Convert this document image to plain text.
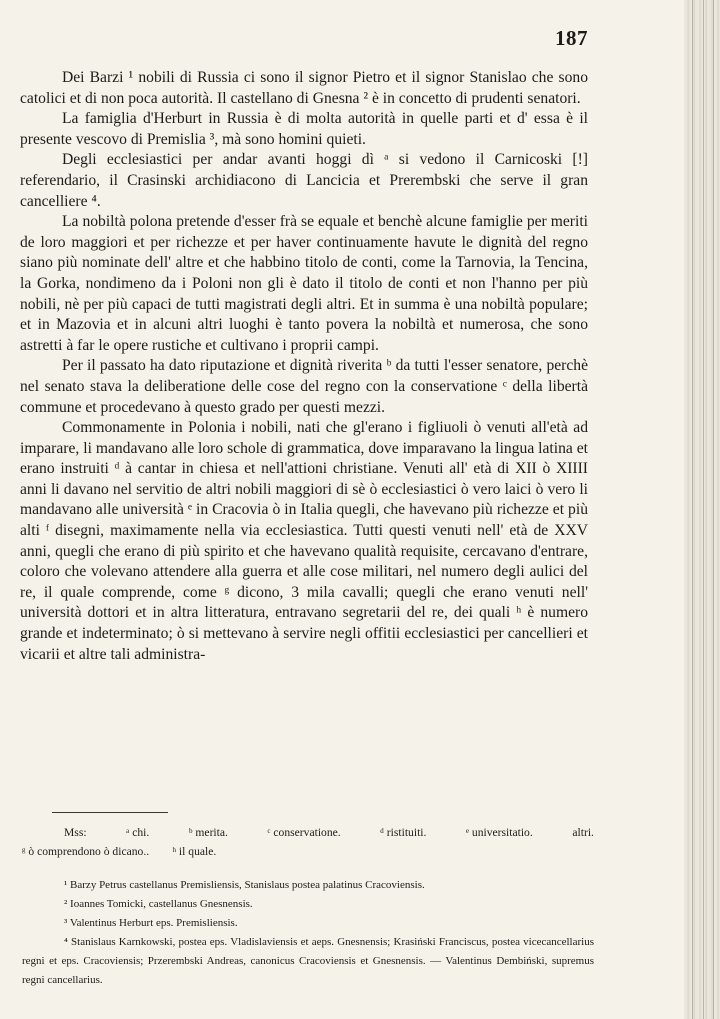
187

Dei Barzi ¹ nobili di Russia ci sono il signor Pietro et il signor Stanislao che sono catolici et di non poca autorità. Il castellano di Gnesna ² è in concetto di prudenti senatori.

La famiglia d'Herburt in Russia è di molta autorità in quelle parti et d' essa è il presente vescovo di Premislia ³, mà sono homini quieti.

Degli ecclesiastici per andar avanti hoggi dì ᵃ si vedono il Carnicoski [!] referendario, il Crasinski archidiacono di Lancicia et Prerembski che serve il gran cancelliere ⁴.

La nobiltà polona pretende d'esser frà se equale et benchè alcune famiglie per meriti de loro maggiori et per richezze et per haver continuamente havute le dignità del regno siano più nominate dell' altre et che habbino titolo de conti, come la Tarnovia, la Tencina, la Gorka, nondimeno da i Poloni non gli è dato il titolo de conti et non l'hanno per più nobili, nè per più capaci de tutti magistrati degli altri. Et in summa è una nobiltà populare; et in Mazovia et in alcuni altri luoghi è tanto povera la nobiltà et numerosa, che sono astretti à far le opere rustiche et cultivano i proprii campi.

Per il passato ha dato riputazione et dignità riverita ᵇ da tutti l'esser senatore, perchè nel senato stava la deliberatione delle cose del regno con la conservatione ᶜ della libertà commune et procedevano à questo grado per questi mezzi.

Commonamente in Polonia i nobili, nati che gl'erano i figliuoli ò venuti all'età ad imparare, li mandavano alle loro schole di grammatica, dove imparavano la lingua latina et erano instruiti ᵈ à cantar in chiesa et nell'attioni christiane. Venuti all' età di XII ò XIIII anni li davano nel servitio de altri nobili maggiori di sè ò ecclesiastici ò vero laici ò vero li mandavano alle università ᵉ in Cracovia ò in Italia quegli, che havevano più richezze et più alti ᶠ disegni, maximamente nella via ecclesiastica. Tutti questi venuti nell' età de XXV anni, quegli che erano di più spirito et che havevano qualità requisite, cercavano d'entrare, coloro che volevano attendere alla guerra et alle cose militari, nel numero degli aulici del re, il quale comprende, come ᵍ dicono, 3 mila cavalli; quegli che erano venuti nell' università dottori et in altra litteratura, entravano segretarii del re, dei quali ʰ è numero grande et indeterminato; ò si mettevano à servire negli offitii ecclesiastici per cancellieri et vicarii et altre tali administra-

Mss:	ᵃ chi.	ᵇ merita.	ᶜ conservatione.	ᵈ ristituiti.	ᵉ universitatio.	altri.
ᵍ ò comprendono ò dicano.. ʰ il quale.

¹ Barzy Petrus castellanus Premisliensis, Stanislaus postea palatinus Cracoviensis.

² Ioannes Tomicki, castellanus Gnesnensis.

³ Valentinus Herburt eps. Premisliensis.

⁴ Stanislaus Karnkowski, postea eps. Vladislaviensis et aeps. Gnesnensis; Krasiński Franciscus, postea vicecancellarius regni et eps. Cracoviensis; Przerembski Andreas, canonicus Cracoviensis et Gnesnensis. — Valentinus Dembiński, supremus regni cancellarius.
